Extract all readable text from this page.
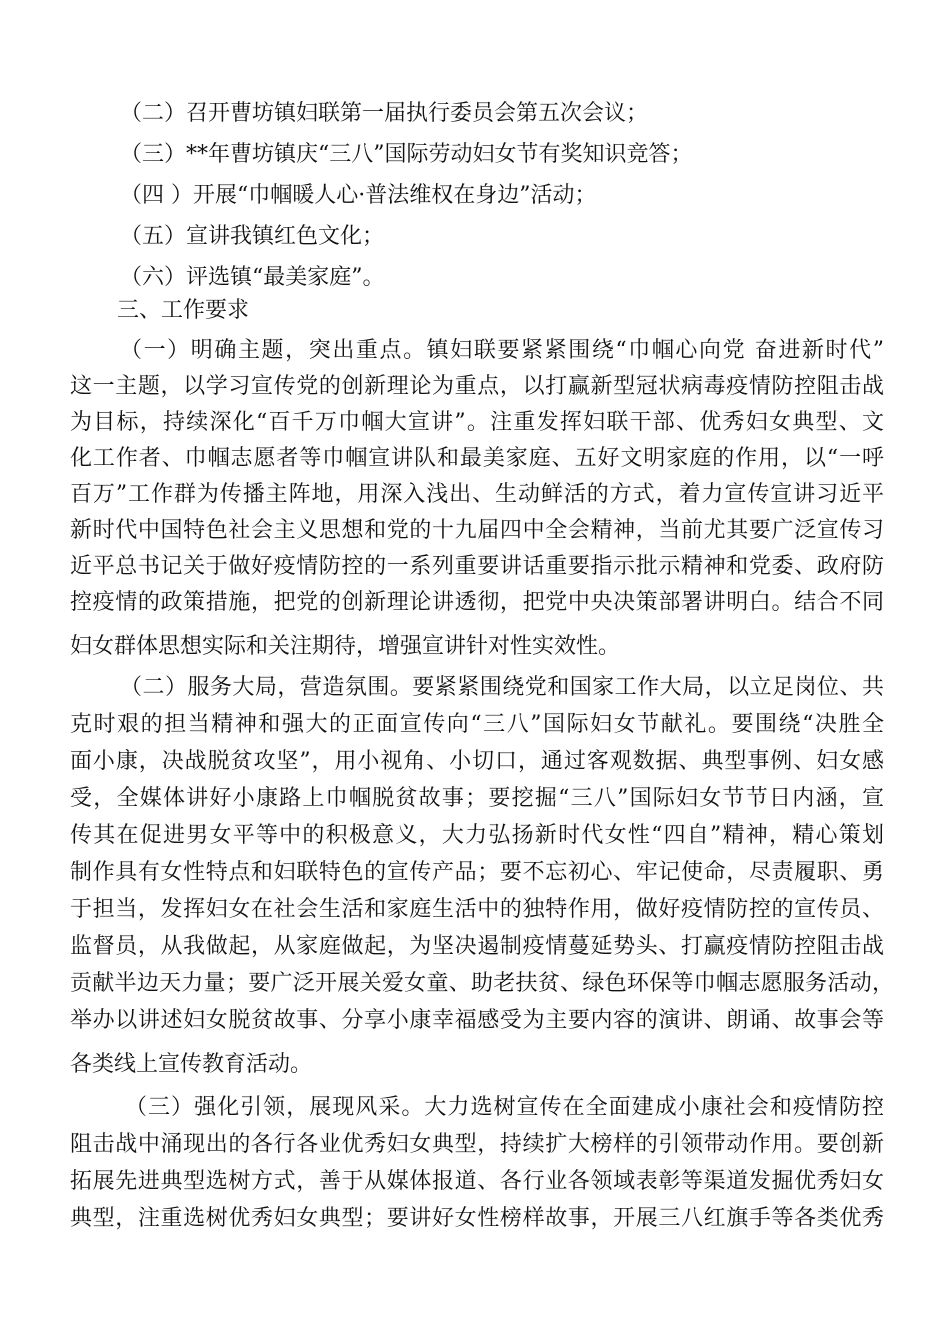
（二）召开曹坊镇妇联第一届执行委员会第五次会议；
（三）**年曹坊镇庆“三八”国际劳动妇女节有奖知识竞答；
（四 ）开展“巾帼暖人心·普法维权在身边”活动；
（五）宣讲我镇红色文化；
（六）评选镇“最美家庭”。
三、工作要求
（一）明确主题，突出重点。镇妇联要紧紧围绕“巾帼心向党 奋进新时代”
这一主题，以学习宣传党的创新理论为重点，以打赢新型冠状病毒疫情防控阻击战
为目标，持续深化“百千万巾帼大宣讲”。注重发挥妇联干部、优秀妇女典型、文
化工作者、巾帼志愿者等巾帼宣讲队和最美家庭、五好文明家庭的作用，以“一呼
百万”工作群为传播主阵地，用深入浅出、生动鲜活的方式，着力宣传宣讲习近平
新时代中国特色社会主义思想和党的十九届四中全会精神，当前尤其要广泛宣传习
近平总书记关于做好疫情防控的一系列重要讲话重要指示批示精神和党委、政府防
控疫情的政策措施，把党的创新理论讲透彻，把党中央决策部署讲明白。结合不同
妇女群体思想实际和关注期待，增强宣讲针对性实效性。
（二）服务大局，营造氛围。要紧紧围绕党和国家工作大局，以立足岗位、共
克时艰的担当精神和强大的正面宣传向“三八”国际妇女节献礼。要围绕“决胜全
面小康，决战脱贫攻坚”，用小视角、小切口，通过客观数据、典型事例、妇女感
受，全媒体讲好小康路上巾帼脱贫故事；要挖掘“三八”国际妇女节节日内涵，宣
传其在促进男女平等中的积极意义，大力弘扬新时代女性“四自”精神，精心策划
制作具有女性特点和妇联特色的宣传产品；要不忘初心、牢记使命，尽责履职、勇
于担当，发挥妇女在社会生活和家庭生活中的独特作用，做好疫情防控的宣传员、
监督员，从我做起，从家庭做起，为坚决遏制疫情蔓延势头、打赢疫情防控阻击战
贡献半边天力量；要广泛开展关爱女童、助老扶贫、绿色环保等巾帼志愿服务活动，
举办以讲述妇女脱贫故事、分享小康幸福感受为主要内容的演讲、朗诵、故事会等
各类线上宣传教育活动。
（三）强化引领，展现风采。大力选树宣传在全面建成小康社会和疫情防控
阻击战中涌现出的各行各业优秀妇女典型，持续扩大榜样的引领带动作用。要创新
拓展先进典型选树方式，善于从媒体报道、各行业各领域表彰等渠道发掘优秀妇女
典型，注重选树优秀妇女典型；要讲好女性榜样故事，开展三八红旗手等各类优秀
